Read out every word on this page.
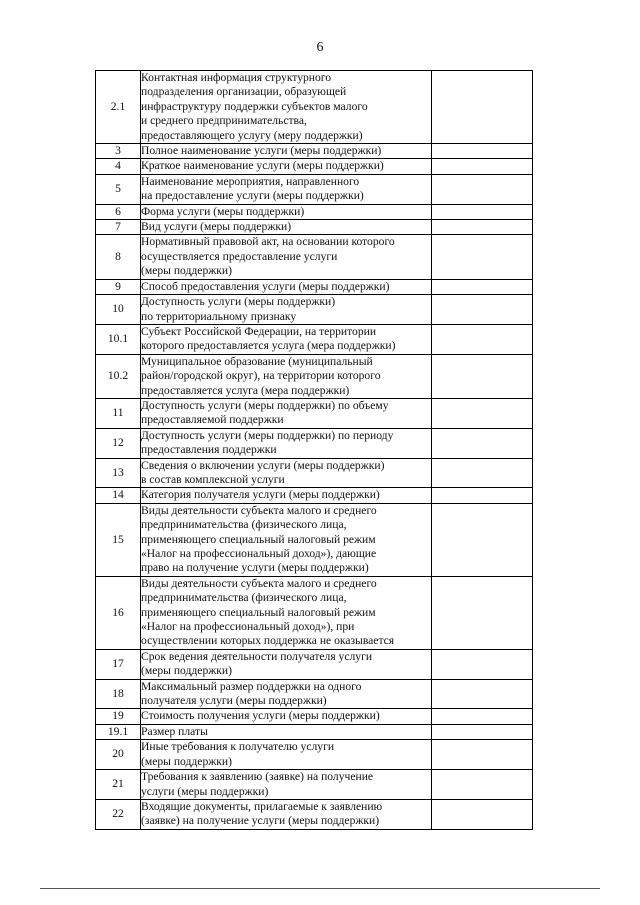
6
2.1	Контактная информация структурного
подразделения организации, образующей
инфраструктуру поддержки субъектов малого
и среднего предпринимательства,
предоставляющего услугу (меру поддержки)	

3	Полное наименование услуги (меры поддержки)	

4	Краткое наименование услуги (меры поддержки)	

5	Наименование мероприятия, направленного
на предоставление услуги (меры поддержки)	

6	Форма услуги (меры поддержки)	

7	Вид услуги (меры поддержки)	

8	Нормативный правовой акт, на основании которого
осуществляется предоставление услуги
(меры поддержки)	

9	Способ предоставления услуги (меры поддержки)	

10	Доступность услуги (меры поддержки)
по территориальному признаку	

10.1	Субъект Российской Федерации, на территории
которого предоставляется услуга (мера поддержки)	

10.2	Муниципальное образование (муниципальный
район/городской округ), на территории которого
предоставляется услуга (мера поддержки)	

11	Доступность услуги (меры поддержки) по объему
предоставляемой поддержки	

12	Доступность услуги (меры поддержки) по периоду
предоставления поддержки	

13	Сведения о включении услуги (меры поддержки)
в состав комплексной услуги	

14	Категория получателя услуги (меры поддержки)	

15	Виды деятельности субъекта малого и среднего
предпринимательства (физического лица,
применяющего специальный налоговый режим
«Налог на профессиональный доход»), дающие
право на получение услуги (меры поддержки)	

16	Виды деятельности субъекта малого и среднего
предпринимательства (физического лица,
применяющего специальный налоговый режим
«Налог на профессиональный доход»), при
осуществлении которых поддержка не оказывается	

17	Срок ведения деятельности получателя услуги
(меры поддержки)	

18	Максимальный размер поддержки на одного
получателя услуги (меры поддержки)	

19	Стоимость получения услуги (меры поддержки)	

19.1	Размер платы	

20	Иные требования к получателю услуги
(меры поддержки)	

21	Требования к заявлению (заявке) на получение
услуги (меры поддержки)	

22	Входящие документы, прилагаемые к заявлению
(заявке) на получение услуги (меры поддержки)	
